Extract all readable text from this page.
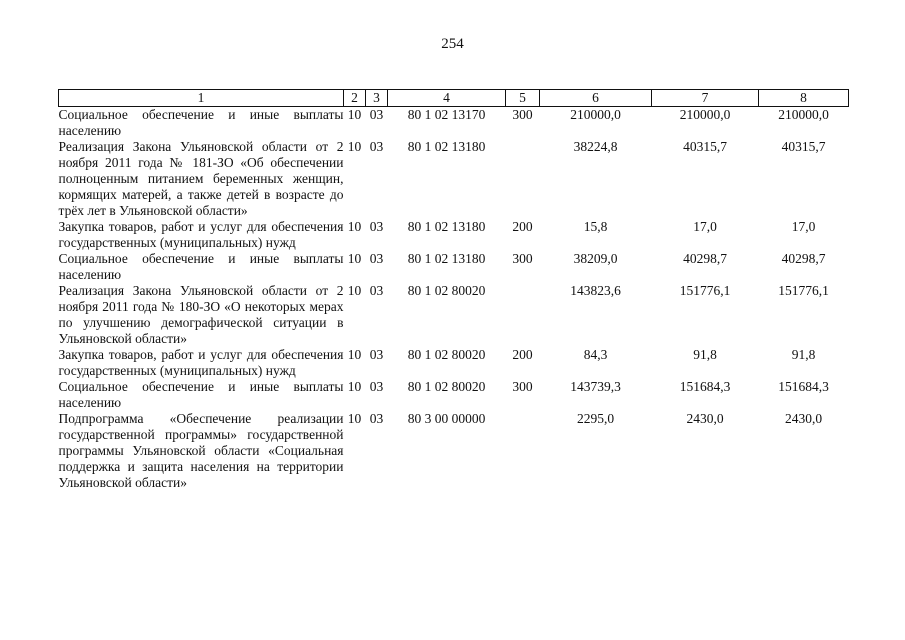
254
1	2	3	4	5	6	7	8
Социальное обеспечение и иные выплаты населению	10	03	80 1 02 13170	300	210000,0	210000,0	210000,0
Реализация Закона Ульяновской области от 2 ноября 2011 года № 181-ЗО «Об обеспечении полноценным питанием беременных женщин, кормящих матерей, а также детей в возрасте до трёх лет в Ульяновской области»	10	03	80 1 02 13180		38224,8	40315,7	40315,7
Закупка товаров, работ и услуг для обеспечения государственных (муниципальных) нужд	10	03	80 1 02 13180	200	15,8	17,0	17,0
Социальное обеспечение и иные выплаты населению	10	03	80 1 02 13180	300	38209,0	40298,7	40298,7
Реализация Закона Ульяновской области от 2 ноября 2011 года № 180-ЗО «О некоторых мерах по улучшению демографической ситуации в Ульяновской области»	10	03	80 1 02 80020		143823,6	151776,1	151776,1
Закупка товаров, работ и услуг для обеспечения государственных (муниципальных) нужд	10	03	80 1 02 80020	200	84,3	91,8	91,8
Социальное обеспечение и иные выплаты населению	10	03	80 1 02 80020	300	143739,3	151684,3	151684,3
Подпрограмма «Обеспечение реализации государственной программы» государственной программы Ульяновской области «Социальная поддержка и защита населения на территории Ульяновской области»	10	03	80 3 00 00000		2295,0	2430,0	2430,0
